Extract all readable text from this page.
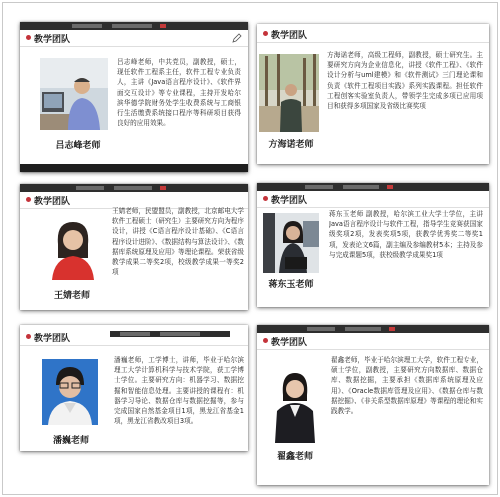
教学团队
吕志峰老师
吕志峰老师，中共党员，副教授，硕士，现任软件工程系主任，软件工程专业负责人，主讲《Java语言程序设计》、《软件界面交互设计》等专业课程，主持开发哈尔滨华德学院财务处学生收费系统与工商银行生活缴费系统接口程序等科研项目获得良好的应用效果。
教学团队
方海诺老师
方海诺老师，高级工程师，副教授，硕士研究生。主要研究方向为企业信息化，讲授《软件工程》、《软件设计分析与uml建模》和《软件测试》三门理论课和负责《软件工程项目实践》系列实践课程。担任软件工程创客实验室负责人，带领学生完成多项已应用项目和获得多项国家及省级比赛奖项
教学团队
王婧老师
王婧老师，民盟盟员，副教授，北京邮电大学软件工程硕士（研究生）主要研究方向为程序设计，讲授《C语言程序设计基础》、《C语言程序设计进阶》、《数据结构与算法设计》、《数据库系统原理及应用》等理论课程。荣获省级教学成果二等奖2项，校级教学成果一等奖2项
教学团队
蒋东玉老师
蒋东玉老师 副教授，哈尔滨工业大学士学位，主讲Java语言程序设计与软件工程，指导学生竞赛获国家级奖项2项，发表奖项5项，获教学优秀奖二等奖1项，发表论文6篇，副主编及参编教材5本；主持及参与完成课题5项，获校级教学成果奖1项
教学团队
潘巍老师
潘巍老师，工学博士，讲师，毕业于哈尔滨理工大学计算机科学与技术学院，获工学博士学位。主要研究方向：机器学习、数据挖掘和智能信息处理。主要讲授的课程有：机器学习导论、数据仓库与数据挖掘等，参与完成国家自然基金项目1项，黑龙江省基金1项，黑龙江省教改项目3项。
教学团队
翟鑫老师
翟鑫老师，毕业于哈尔滨理工大学，软件工程专业，硕士学位，副教授，主要研究方向数据库、数据仓库、数据挖掘，主要承担《数据库系统原理及应用》、《Oracle数据库管理及应用》、《数据仓库与数据挖掘》、《非关系型数据库原理》等课程的理论和实践教学。
